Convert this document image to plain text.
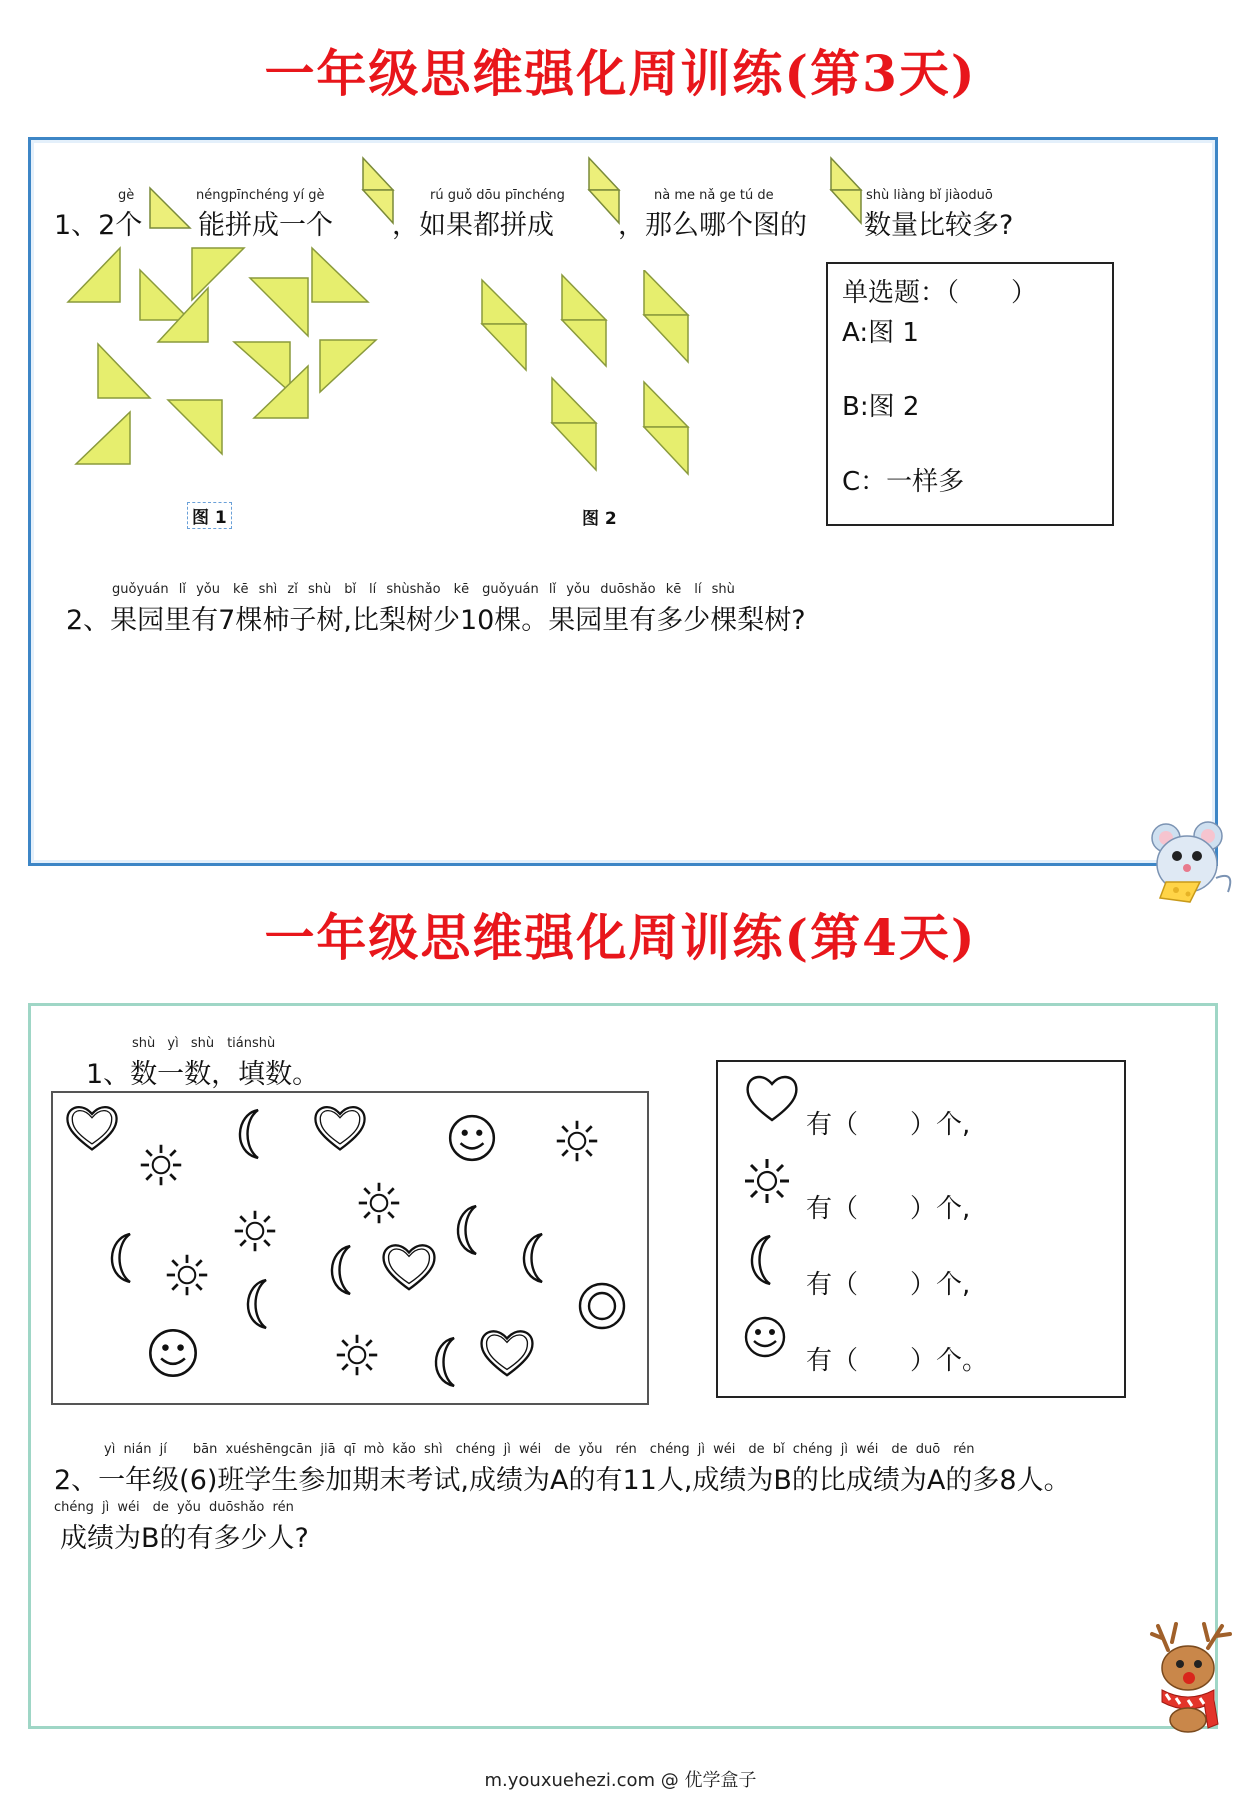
一年级思维强化周训练(第3天)
gè	néngpīnchéng yí gè	rú guǒ dōu pīnchéng	nà me nǎ ge tú de	shù liàng bǐ jiàoduō
1、2个 能拼成一个 ，如果都拼成 ，那么哪个图的 数量比较多?
图 1	图 2
单选题：（　　）
A:图 1
B:图 2
C：一样多
guǒyuán lǐ yǒu　kē shì zǐ shù　bǐ　lí shùshǎo　kē　guǒyuán lǐ yǒu duōshǎo kē　lí shù
2、果园里有7棵柿子树,比梨树少10棵。果园里有多少棵梨树?
一年级思维强化周训练(第4天)
shù yì shù　tiánshù
1、数一数，填数。
有（　　）个,
有（　　）个,
有（　　）个,
有（　　）个。
yì nián jí　　bān xuéshēngcān jiā qī mò kǎo shì　chéng jì wéi　de yǒu　rén　chéng jì wéi　de bǐ chéng jì wéi　de duō　rén
2、一年级(6)班学生参加期末考试,成绩为A的有11人,成绩为B的比成绩为A的多8人。
chéng jì wéi　de yǒu duōshǎo rén
成绩为B的有多少人?
m.youxuehezi.com @ 优学盒子
